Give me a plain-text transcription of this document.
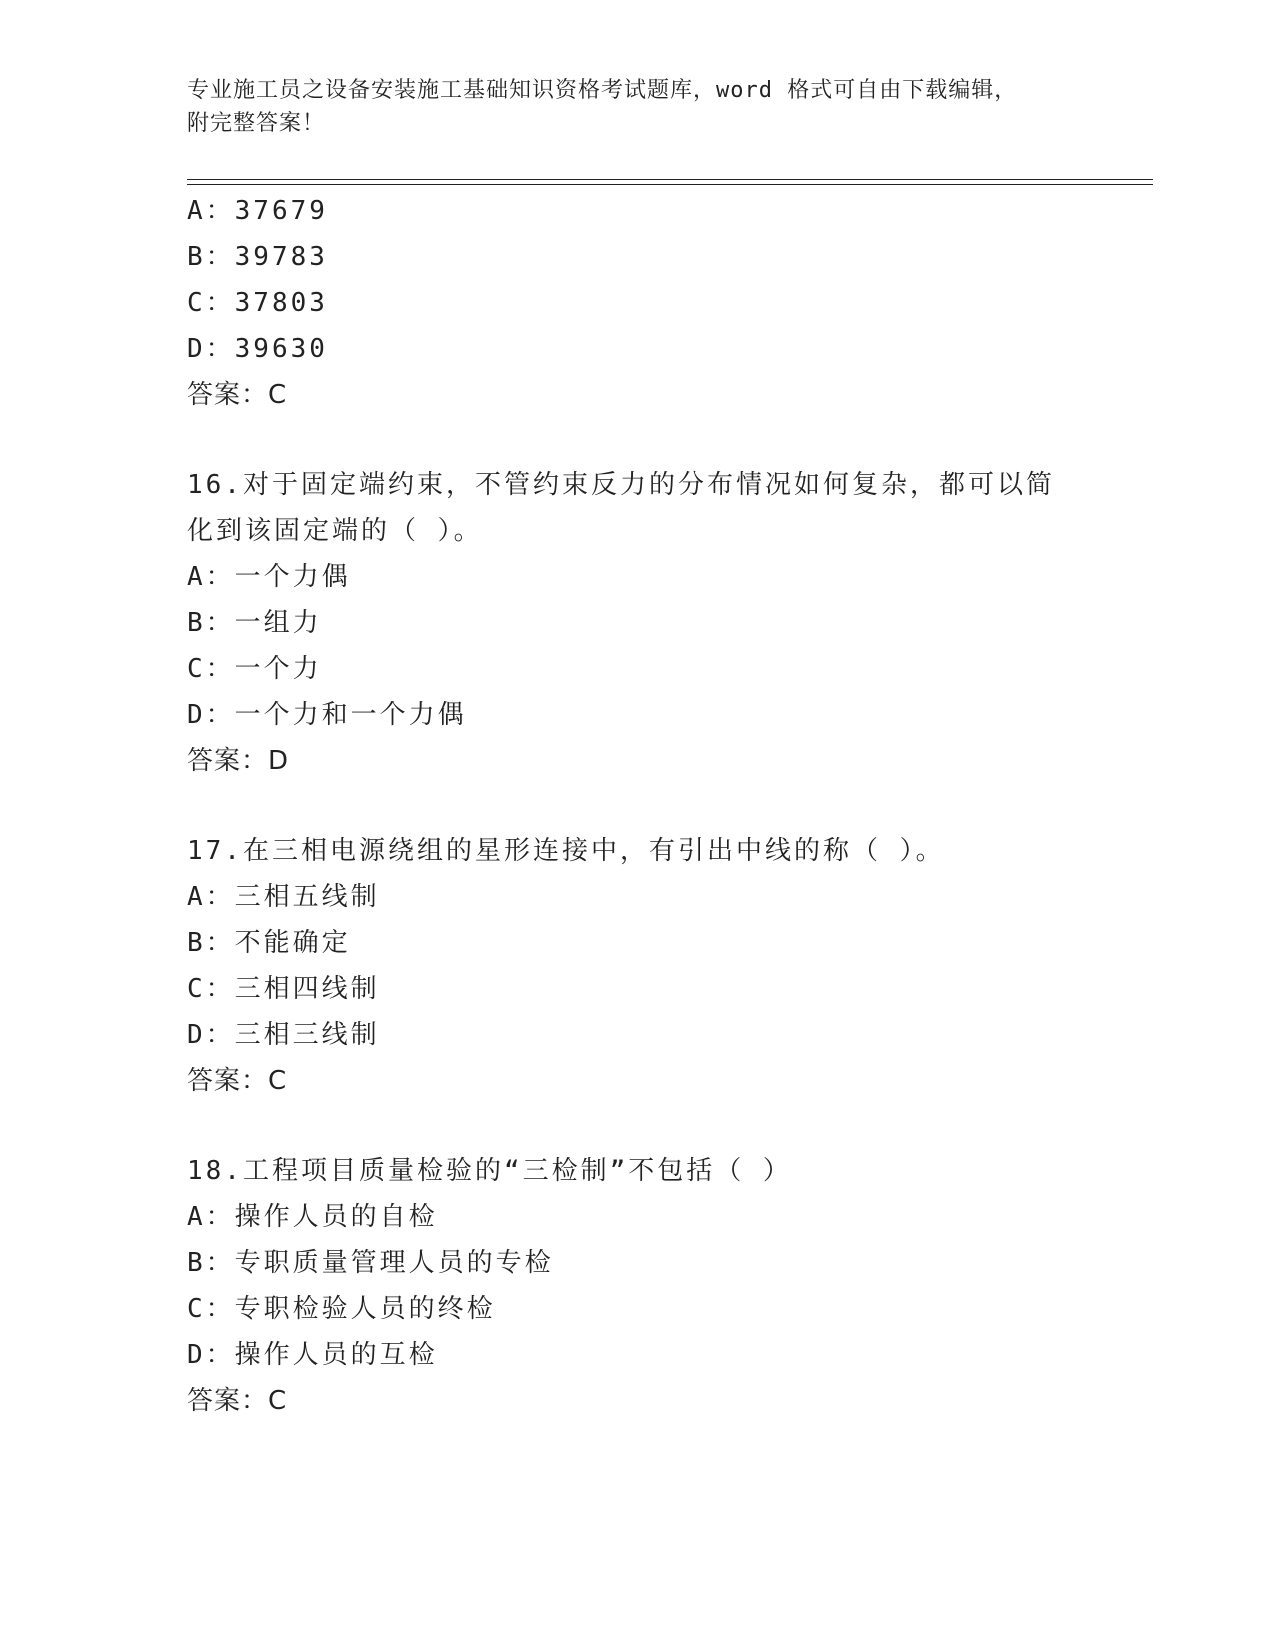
专业施工员之设备安装施工基础知识资格考试题库，word 格式可自由下载编辑，
附完整答案！
A：37679
B：39783
C：37803
D：39630
答案：C
16.对于固定端约束，不管约束反力的分布情况如何复杂，都可以简化到该固定端的（ ）。
A：一个力偶
B：一组力
C：一个力
D：一个力和一个力偶
答案：D
17.在三相电源绕组的星形连接中，有引出中线的称（ ）。
A：三相五线制
B：不能确定
C：三相四线制
D：三相三线制
答案：C
18.工程项目质量检验的“三检制”不包括（ ）
A：操作人员的自检
B：专职质量管理人员的专检
C：专职检验人员的终检
D：操作人员的互检
答案：C
